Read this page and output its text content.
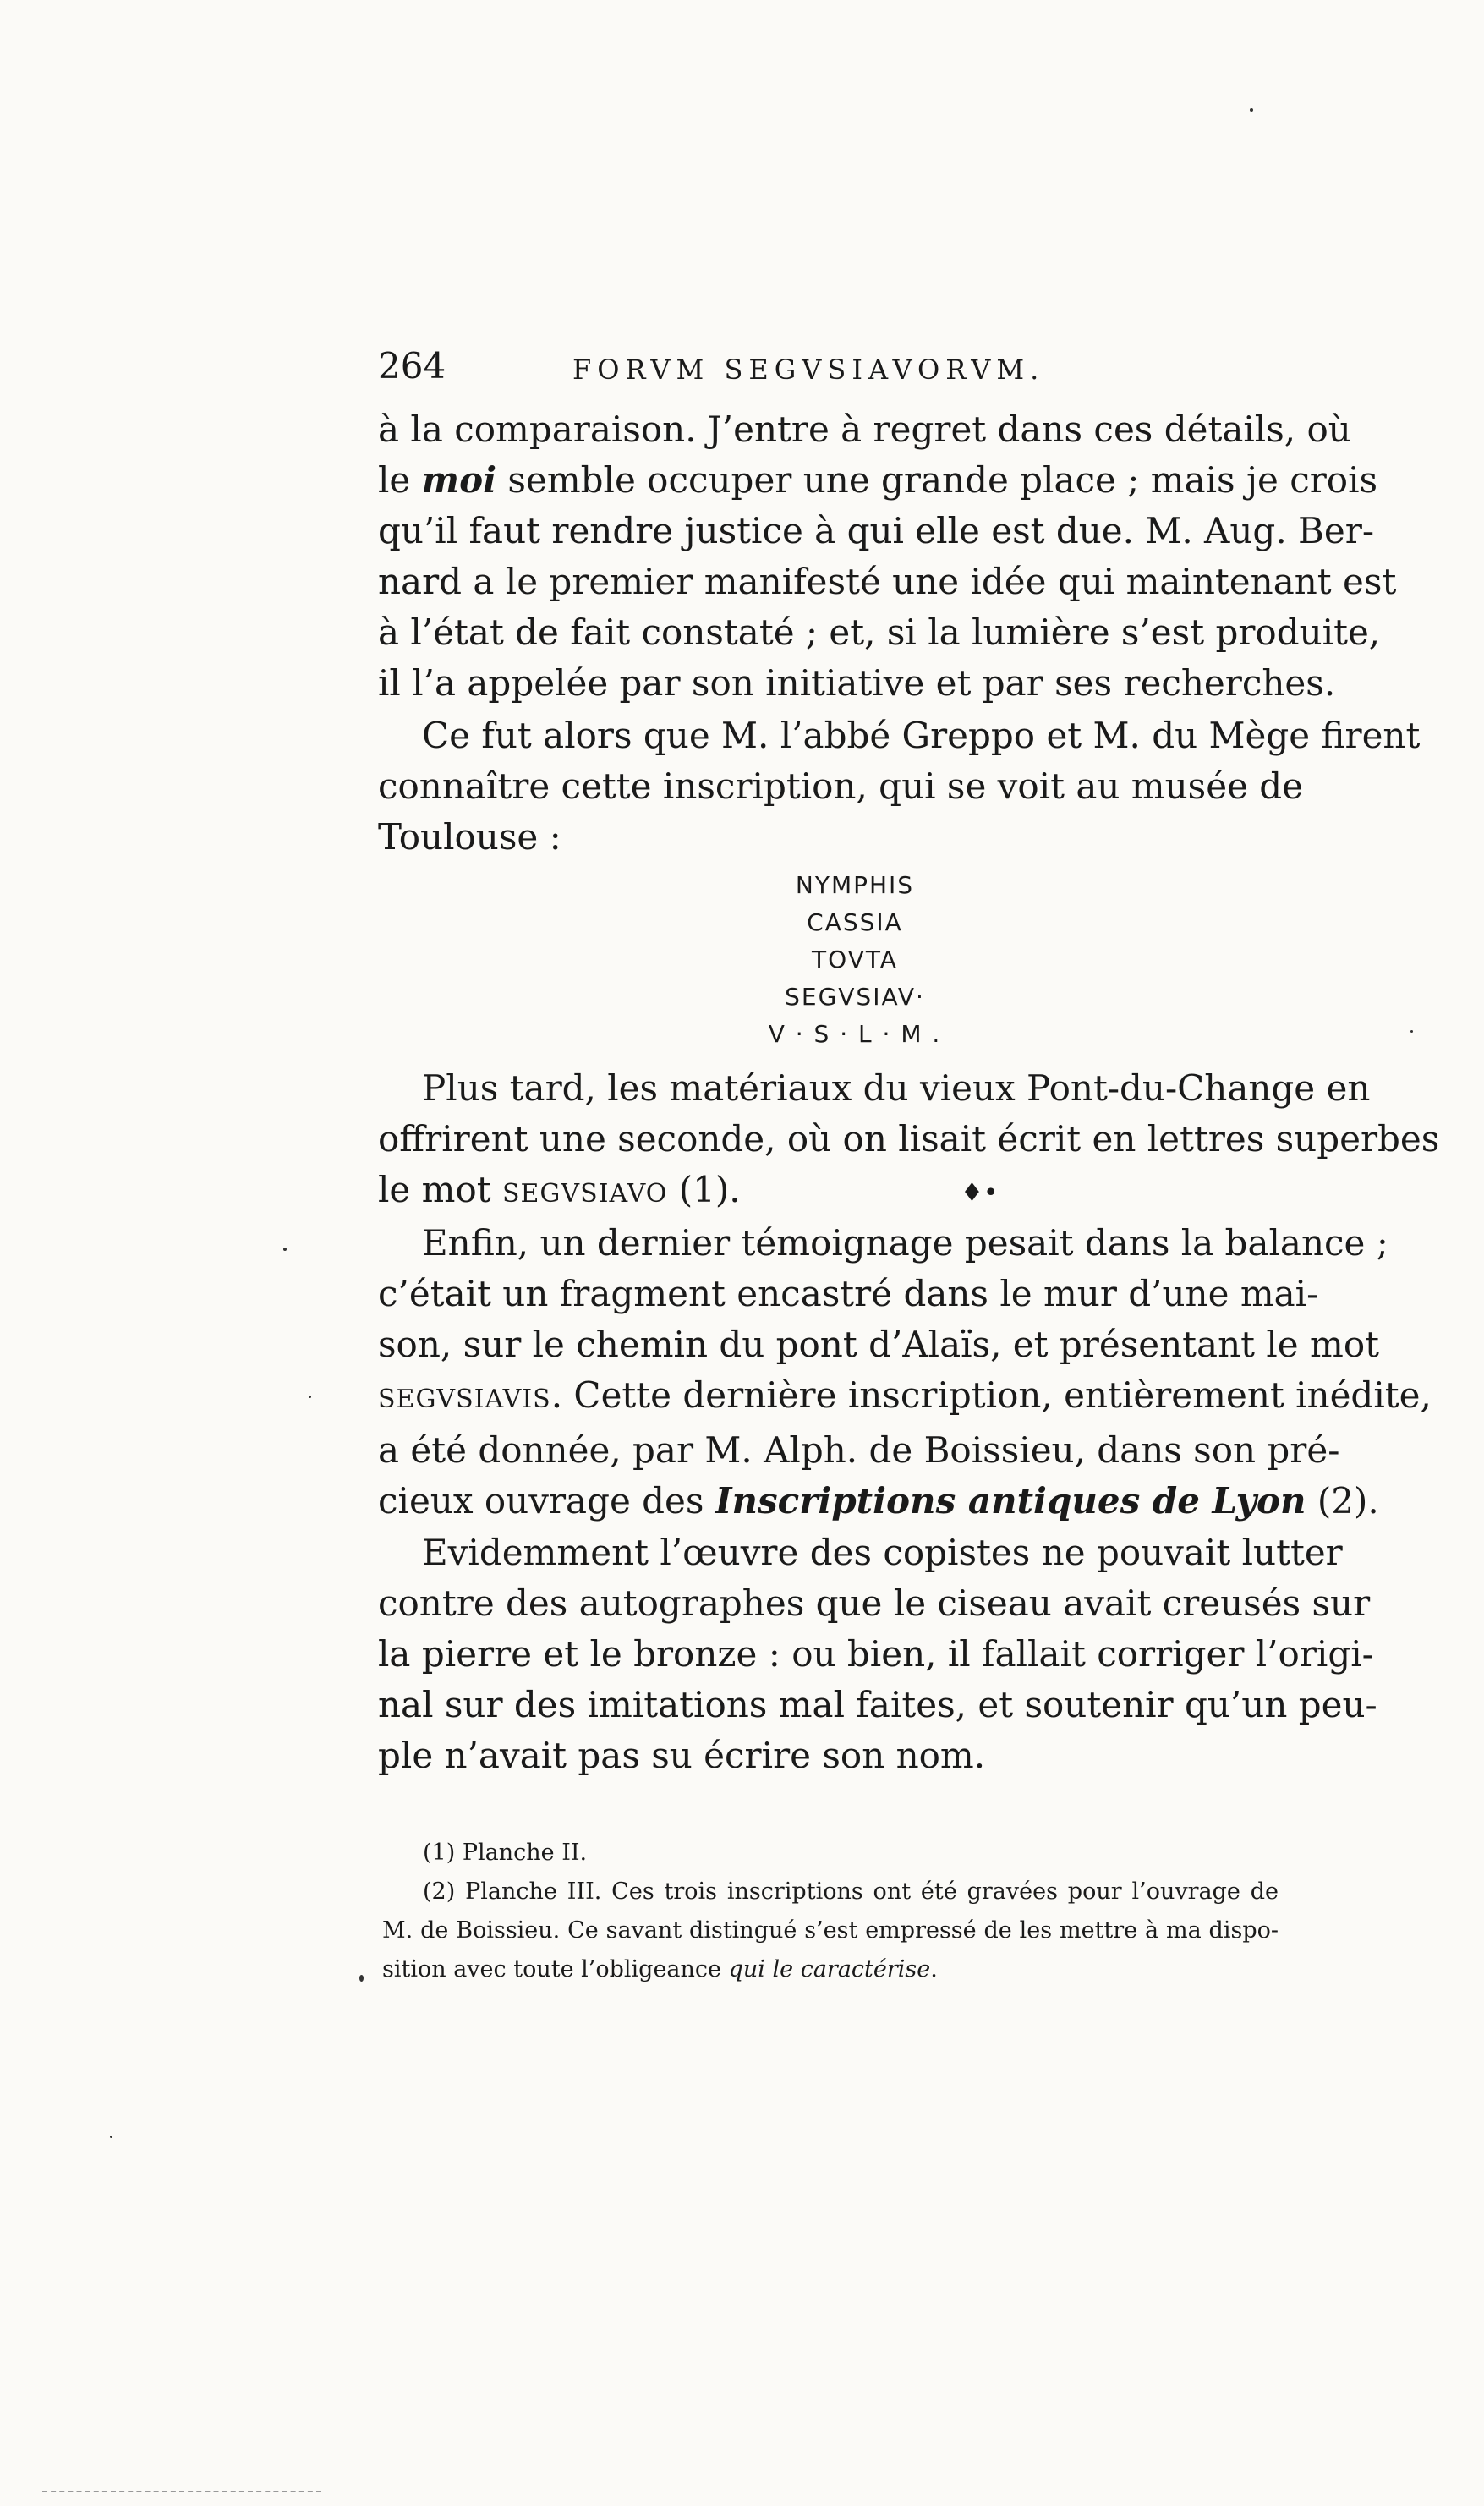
264	FORVM SEGVSIAVORVM.

à la comparaison. J’entre à regret dans ces détails, où
le moi semble occuper une grande place ; mais je crois
qu’il faut rendre justice à qui elle est due. M. Aug. Ber-
nard a le premier manifesté une idée qui maintenant est
à l’état de fait constaté ; et, si la lumière s’est produite,
il l’a appelée par son initiative et par ses recherches.

Ce fut alors que M. l’abbé Greppo et M. du Mège firent
connaître cette inscription, qui se voit au musée de
Toulouse :

NYMPHIS
CASSIA
TOVTA
SEGVSIAV·
V · S · L · M .

Plus tard, les matériaux du vieux Pont-du-Change en
offrirent une seconde, où on lisait écrit en lettres superbes
le mot SEGVSIAVO (1).

Enfin, un dernier témoignage pesait dans la balance ;
c’était un fragment encastré dans le mur d’une mai-
son, sur le chemin du pont d’Alaïs, et présentant le mot
SEGVSIAVIS. Cette dernière inscription, entièrement inédite,
a été donnée, par M. Alph. de Boissieu, dans son pré-
cieux ouvrage des Inscriptions antiques de Lyon (2).

Evidemment l’œuvre des copistes ne pouvait lutter
contre des autographes que le ciseau avait creusés sur
la pierre et le bronze : ou bien, il fallait corriger l’origi-
nal sur des imitations mal faites, et soutenir qu’un peu-
ple n’avait pas su écrire son nom.

(1) Planche II.
(2) Planche III. Ces trois inscriptions ont été gravées pour l’ouvrage de
M. de Boissieu. Ce savant distingué s’est empressé de les mettre à ma dispo-
sition avec toute l’obligeance qui le caractérise.
♦•
